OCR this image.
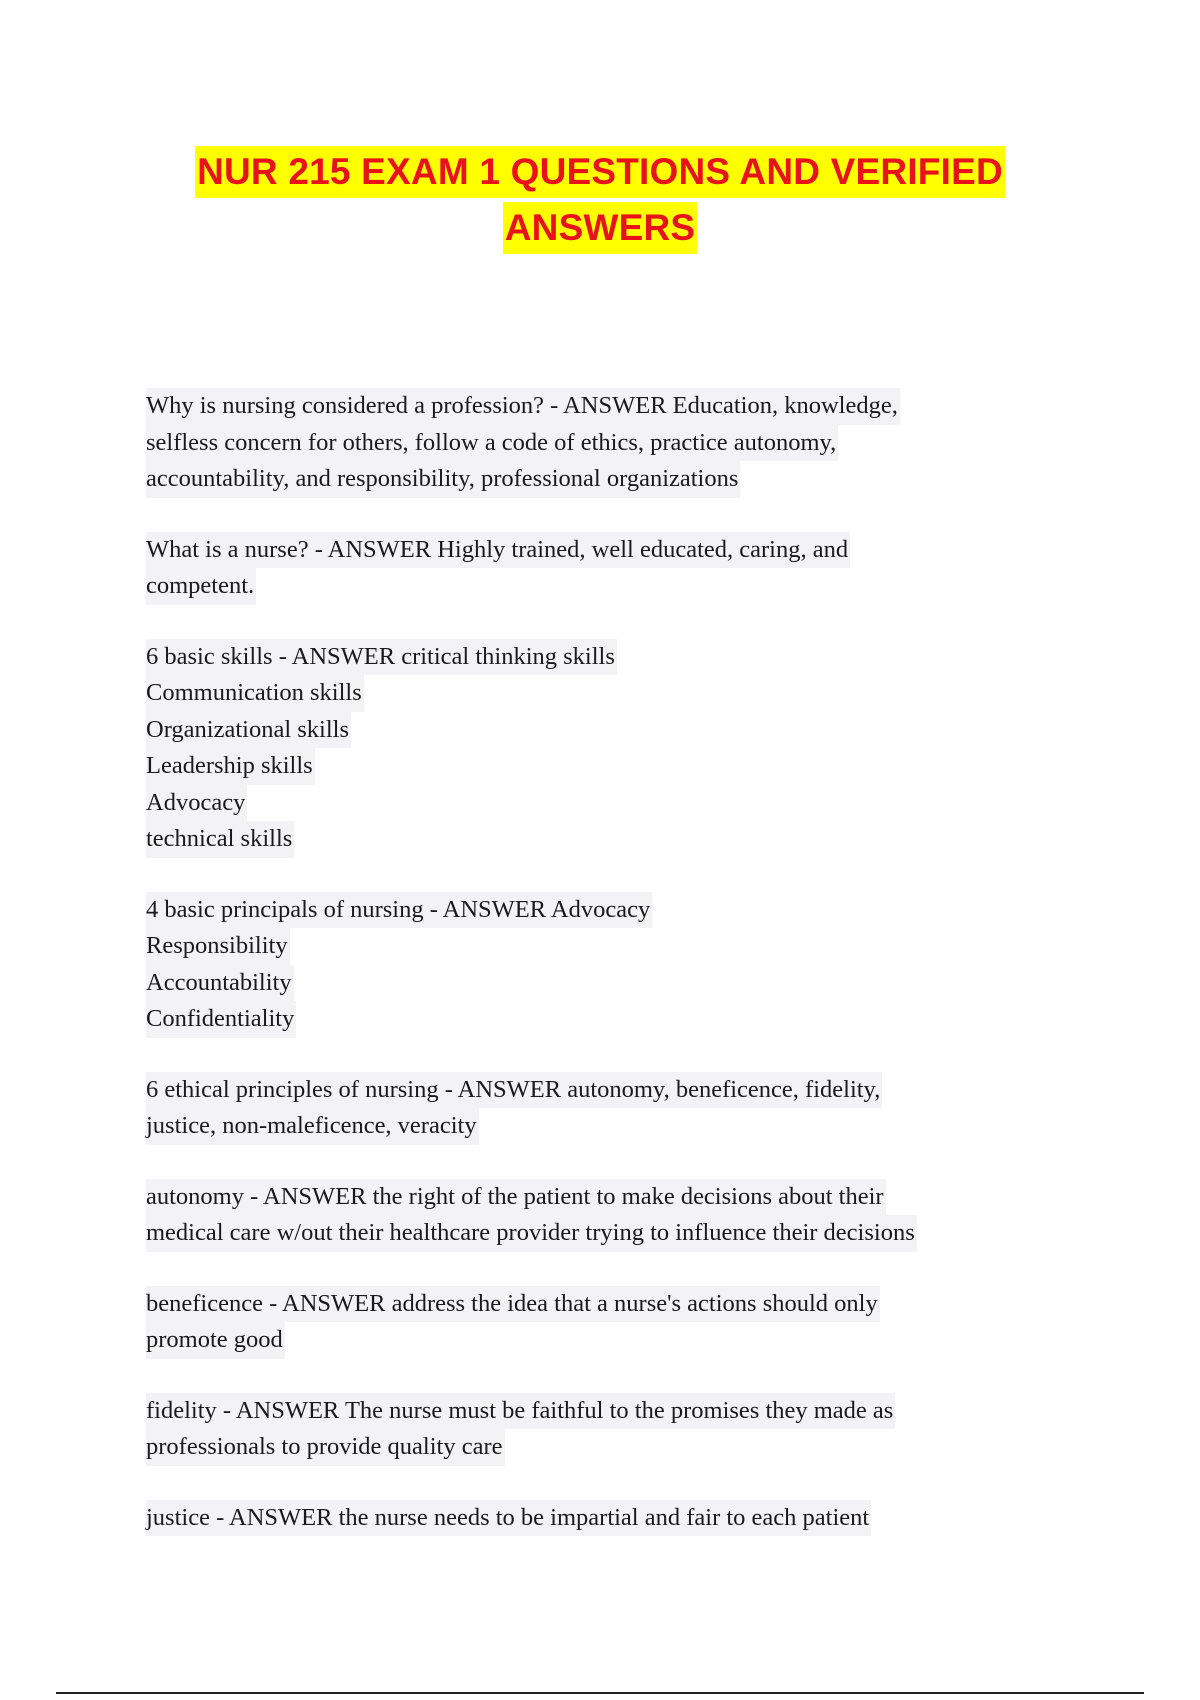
NUR 215 EXAM 1 QUESTIONS AND VERIFIED
ANSWERS
Why is nursing considered a profession? - ANSWER Education, knowledge,
selfless concern for others, follow a code of ethics, practice autonomy,
accountability, and responsibility, professional organizations
What is a nurse? - ANSWER Highly trained, well educated, caring, and
competent.
6 basic skills - ANSWER critical thinking skills
Communication skills
Organizational skills
Leadership skills
Advocacy
technical skills
4 basic principals of nursing - ANSWER Advocacy
Responsibility
Accountability
Confidentiality
6 ethical principles of nursing - ANSWER autonomy, beneficence, fidelity,
justice, non-maleficence, veracity
autonomy - ANSWER the right of the patient to make decisions about their
medical care w/out their healthcare provider trying to influence their decisions
beneficence - ANSWER address the idea that a nurse's actions should only
promote good
fidelity - ANSWER The nurse must be faithful to the promises they made as
professionals to provide quality care
justice - ANSWER the nurse needs to be impartial and fair to each patient
